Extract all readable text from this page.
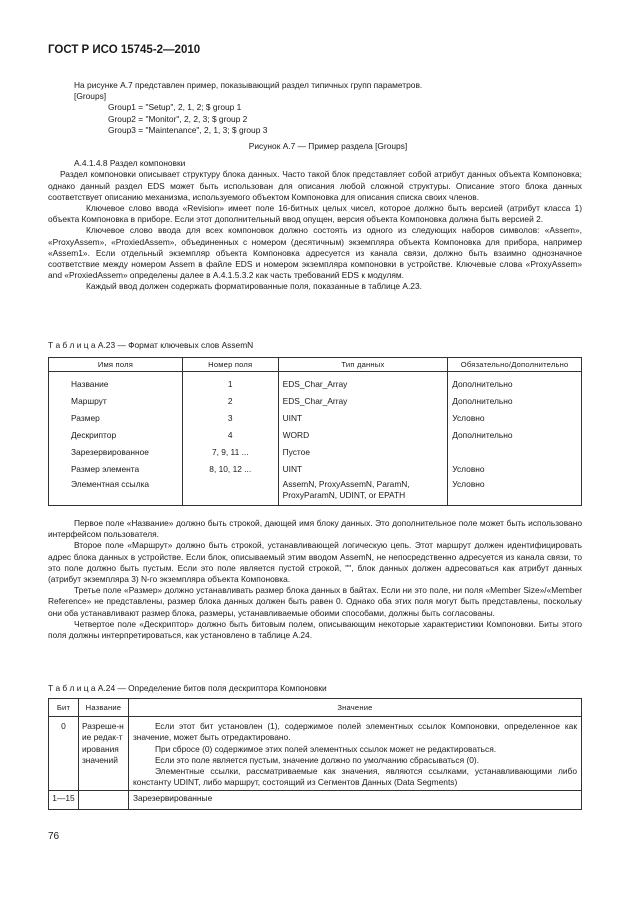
ГОСТ Р ИСО 15745-2—2010

На рисунке А.7 представлен пример, показывающий раздел типичных групп параметров.

[Groups]

Group1 = "Setup", 2, 1, 2; $ group 1

Group2 = "Monitor", 2, 2, 3; $ group 2

Group3 = "Maintenance", 2, 1, 3; $ group 3

Рисунок А.7 — Пример раздела [Groups]

A.4.1.4.8 Раздел компоновки

Раздел компоновки описывает структуру блока данных. Часто такой блок представляет собой атрибут данных объекта Компоновка; однако данный раздел EDS может быть использован для описания любой сложной структуры. Описание этого блока данных соответствует описанию механизма, используемого объектом Компоновка для описания списка своих членов.

Ключевое слово ввода «Revision» имеет поле 16-битных целых чисел, которое должно быть версией (атрибут класса 1) объекта Компоновка в приборе. Если этот дополнительный ввод опущен, версия объекта Компоновка должна быть версией 2.

Ключевое слово ввода для всех компоновок должно состоять из одного из следующих наборов символов: «Assem», «ProxyAssem», «ProxiedAssem», объединенных с номером (десятичным) экземпляра объекта Компоновка для прибора, например «Assem1». Если отдельный экземпляр объекта Компоновка адресуется из канала связи, должно быть взаимно однозначное соответствие между номером Assem в файле EDS и номером экземпляра компоновки в устройстве. Ключевые слова «ProxyAssem» and «ProxiedAssem» определены далее в А.4.1.5.3.2 как часть требований EDS к модулям.

Каждый ввод должен содержать форматированные поля, показанные в таблице А.23.

Т а б л и ц а А.23 — Формат ключевых слов AssemN
Имя поля	Номер поля	Тип данных	Обязательно/Дополнительно
Название	1	EDS_Char_Array	Дополнительно
Маршрут	2	EDS_Char_Array	Дополнительно
Размер	3	UINT	Условно
Дескриптор	4	WORD	Дополнительно
Зарезервированное	7, 9, 11 ...	Пустое	
Размер элемента	8, 10, 12 ...	UINT	Условно
Элементная ссылка		AssemN, ProxyAssemN, ParamN, ProxyParamN, UDINT, or EPATH	Условно

Первое поле «Название» должно быть строкой, дающей имя блоку данных. Это дополнительное поле может быть использовано интерфейсом пользователя.

Второе поле «Маршрут» должно быть строкой, устанавливающей логическую цепь. Этот маршрут должен идентифицировать адрес блока данных в устройстве. Если блок, описываемый этим вводом AssemN, не непосредственно адресуется из канала связи, то это поле должно быть пустым. Если это поле является пустой строкой, "", блок данных должен адресоваться как атрибут данных (атрибут экземпляра 3) N-го экземпляра объекта Компоновка.

Третье поле «Размер» должно устанавливать размер блока данных в байтах. Если ни это поле, ни поля «Member Size»/«Member Reference» не представлены, размер блока данных должен быть равен 0. Однако оба этих поля могут быть представлены, поскольку они оба устанавливают размер блока, размеры, устанавливаемые обоими способами, должны быть согласованы.

Четвертое поле «Дескриптор» должно быть битовым полем, описывающим некоторые характеристики Компоновки. Биты этого поля должны интерпретироваться, как установлено в таблице А.24.

Т а б л и ц а А.24 — Определение битов поля дескриптора Компоновки
Бит	Название	Значение
0	Разреше-ние редак-тирования значений	Если этот бит установлен (1), содержимое полей элементных ссылок Компоновки, определенное как значение, может быть отредактировано.

При сбросе (0) содержимое этих полей элементных ссылок может не редактироваться.

Если это поле является пустым, значение должно по умолчанию сбрасываться (0).

Элементные ссылки, рассматриваемые как значения, являются ссылками, устанавливающими либо константу UDINT, либо маршрут, состоящий из Сегментов Данных (Data Segments)

1—15		Зарезервированные
76
